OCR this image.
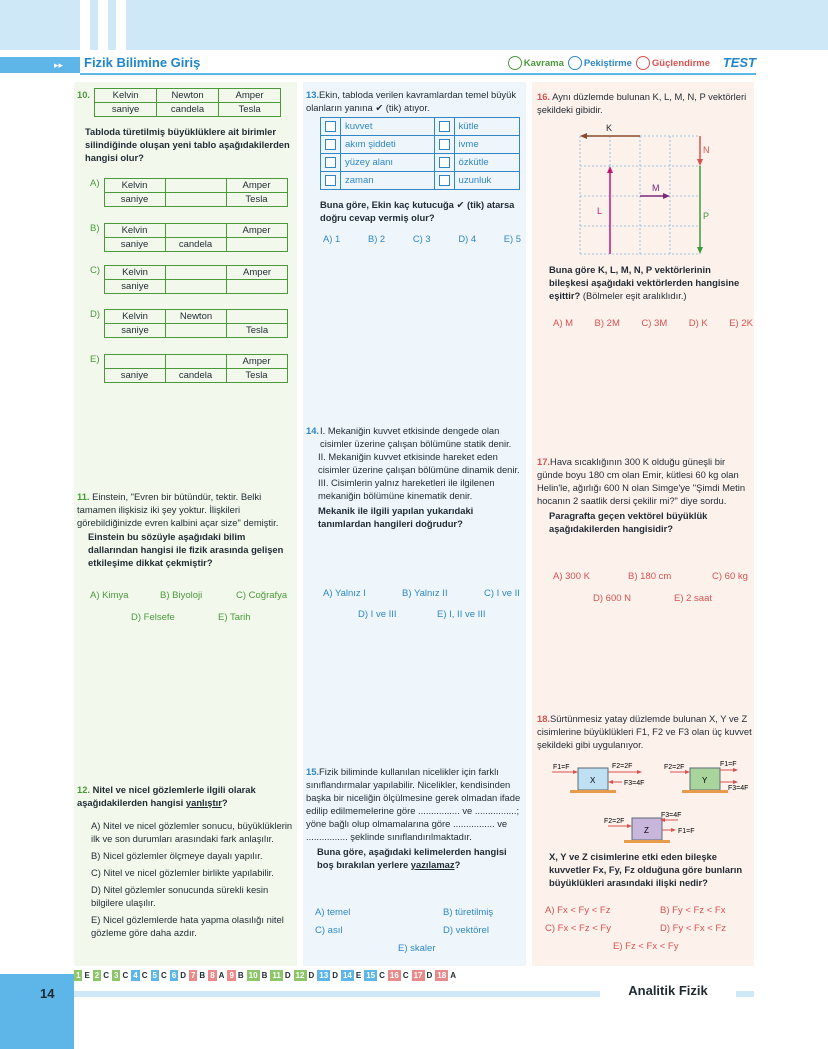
▸▸ Fizik Bilimine Giriş	Kavrama Pekiştirme Güçlendirme TEST
10. Kelvin	Newton	Amper
saniye	candela	Tesla
Tabloda türetilmiş büyüklüklere ait birimler silindiğinde oluşan yeni tablo aşağıdakilerden hangisi olur?
A) Kelvin		Amper
saniye		Tesla
B) Kelvin		Amper
saniye	candela	
C) Kelvin		Amper
saniye		
D) Kelvin	Newton	
saniye		Tesla
E)
			Amper
saniye	candela	Tesla
11. Einstein, "Evren bir bütündür, tektir. Belki tamamen ilişkisiz iki şey yoktur. İlişkileri görebildiğinizde evren kalbini açar size" demiştir.
Einstein bu sözüyle aşağıdaki bilim dallarından hangisi ile fizik arasında gelişen etkileşime dikkat çekmiştir?
A) Kimya	B) Biyoloji	C) Coğrafya
D) Felsefe	E) Tarih
12. Nitel ve nicel gözlemlerle ilgili olarak aşağıdakilerden hangisi yanlıştır?
A) Nitel ve nicel gözlemler sonucu, büyüklüklerin ilk ve son durumları arasındaki fark anlaşılır.
B) Nicel gözlemler ölçmeye dayalı yapılır.
C) Nitel ve nicel gözlemler birlikte yapılabilir.
D) Nitel gözlemler sonucunda sürekli kesin bilgilere ulaşılır.
E) Nicel gözlemlerde hata yapma olasılığı nitel gözleme göre daha azdır.
13.Ekin, tabloda verilen kavramlardan temel büyük olanların yanına ✔ (tik) atıyor.
	kuvvet		kütle
	akım şiddeti		ivme
	yüzey alanı		özkütle
	zaman		uzunluk
Buna göre, Ekin kaç kutucuğa ✔ (tik) atarsa doğru cevap vermiş olur?
A) 1	B) 2	C) 3	D) 4	E) 5
14. I. Mekaniğin kuvvet etkisinde dengede olan cisimler üzerine çalışan bölümüne statik denir.
II. Mekaniğin kuvvet etkisinde hareket eden cisimler üzerine çalışan bölümüne dinamik denir.
III. Cisimlerin yalnız hareketleri ile ilgilenen mekaniğin bölümüne kinematik denir.
Mekanik ile ilgili yapılan yukarıdaki tanımlardan hangileri doğrudur?
A) Yalnız I	B) Yalnız II	C) I ve II
D) I ve III	E) I, II ve III
15.Fizik biliminde kullanılan nicelikler için farklı sınıflandırmalar yapılabilir. Nicelikler, kendisinden başka bir niceliğin ölçülmesine gerek olmadan ifade edilip edilmemelerine göre ................ ve ................; yöne bağlı olup olmamalarına göre ................ ve ................ şeklinde sınıflandırılmaktadır.
Buna göre, aşağıdaki kelimelerden hangisi boş bırakılan yerlere yazılamaz?
A) temel	B) türetilmiş
C) asıl	D) vektörel
E) skaler
16. Aynı düzlemde bulunan K, L, M, N, P vektörleri şekildeki gibidir.
K
N
M
L	P
Buna göre K, L, M, N, P vektörlerinin bileşkesi aşağıdaki vektörlerden hangisine eşittir? (Bölmeler eşit aralıklıdır.)
A) M B) 2M C) 3M D) K E) 2K
17.Hava sıcaklığının 300 K olduğu güneşli bir günde boyu 180 cm olan Emir, kütlesi 60 kg olan Helin'le, ağırlığı 600 N olan Simge'ye "Şimdi Metin hocanın 2 saatlik dersi çekilir mi?" diye sordu.
Paragrafta geçen vektörel büyüklük aşağıdakilerden hangisidir?
A) 300 K	B) 180 cm	C) 60 kg
D) 600 N	E) 2 saat
18.Sürtünmesiz yatay düzlemde bulunan X, Y ve Z cisimlerine büyüklükleri F1, F2 ve F3 olan üç kuvvet şekildeki gibi uygulanıyor.
X
F1=F	F2=2F
F3=4F	Y
F2=2F	F1=F
F3=4F
Z
F3=4F
F2=2F
F1=F
X, Y ve Z cisimlerine etki eden bileşke kuvvetler Fx, Fy, Fz olduğuna göre bunların büyüklükleri arasındaki ilişki nedir?
A) Fx < Fy < Fz	B) Fy < Fz < Fx
C) Fx < Fz < Fy	D) Fy < Fx < Fz
E) Fz < Fx < Fy
1 E 2 C 3 C 4 C 5 C 6 D 7 B 8 A 9 B 10 B 11 D 12 D 13 D 14 E 15 C 16 C 17 D 18 A
14	Analitik Fizik
